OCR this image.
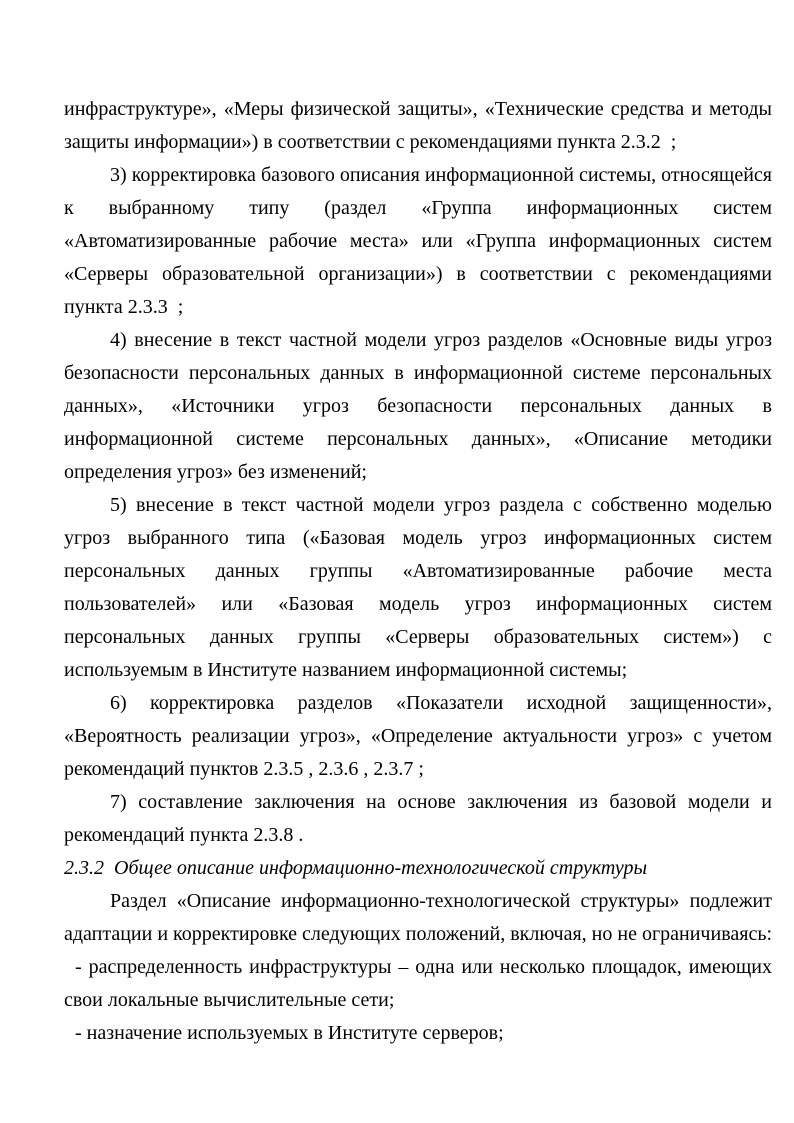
инфраструктуре», «Меры физической защиты», «Технические средства и методы защиты информации») в соответствии с рекомендациями пункта 2.3.2  ;

3) корректировка базового описания информационной системы, относящейся к выбранному типу (раздел «Группа информационных систем «Автоматизированные рабочие места» или «Группа информационных систем «Серверы образовательной организации») в соответствии с рекомендациями пункта 2.3.3  ;

4) внесение в текст частной модели угроз разделов «Основные виды угроз безопасности персональных данных в информационной системе персональных данных», «Источники угроз безопасности персональных данных в информационной системе персональных данных», «Описание методики определения угроз» без изменений;

5) внесение в текст частной модели угроз раздела с собственно моделью угроз выбранного типа («Базовая модель угроз информационных систем персональных данных группы «Автоматизированные рабочие места пользователей» или «Базовая модель угроз информационных систем персональных данных группы «Серверы образовательных систем») с используемым в Институте названием информационной системы;

6) корректировка разделов «Показатели исходной защищенности», «Вероятность реализации угроз», «Определение актуальности угроз» с учетом рекомендаций пунктов 2.3.5 , 2.3.6 , 2.3.7 ;

7) составление заключения на основе заключения из базовой модели и рекомендаций пункта 2.3.8 .

2.3.2  Общее описание информационно-технологической структуры

Раздел «Описание информационно-технологической структуры» подлежит адаптации и корректировке следующих положений, включая, но не ограничиваясь:

- распределенность инфраструктуры – одна или несколько площадок, имеющих свои локальные вычислительные сети;

- назначение используемых в Институте серверов;
